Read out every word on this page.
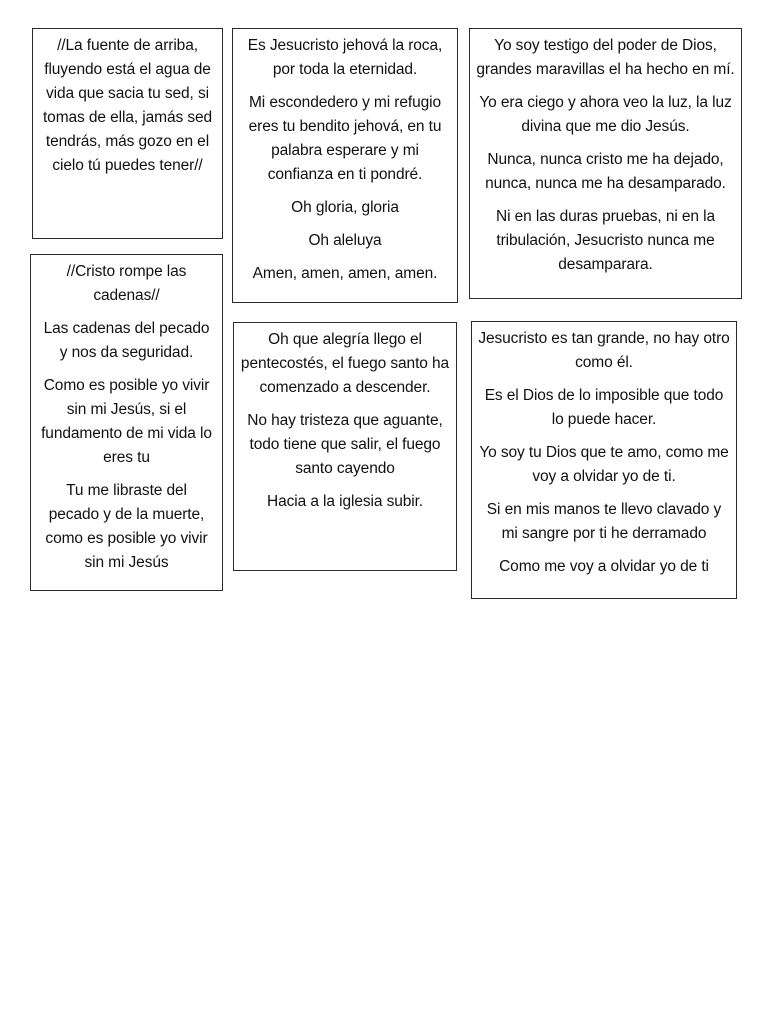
//La fuente de arriba, fluyendo está el agua de vida que sacia tu sed, si tomas de ella, jamás sed tendrás, más gozo en el cielo tú puedes tener//

Es Jesucristo jehová la roca, por toda la eternidad.

Mi escondedero y mi refugio eres tu bendito jehová, en tu palabra esperare y mi confianza en ti pondré.

Oh gloria, gloria

Oh aleluya

Amen, amen, amen, amen.

Yo soy testigo del poder de Dios, grandes maravillas el ha hecho en mí.

Yo era ciego y ahora veo la luz, la luz divina que me dio Jesús.

Nunca, nunca cristo me ha dejado, nunca, nunca me ha desamparado.

Ni en las duras pruebas, ni en la tribulación, Jesucristo nunca me desamparara.

//Cristo rompe las cadenas//

Las cadenas del pecado y nos da seguridad.

Como es posible yo vivir sin mi Jesús, si el fundamento de mi vida lo eres tu

Tu me libraste del pecado y de la muerte, como es posible yo vivir sin mi Jesús

Oh que alegría llego el pentecostés, el fuego santo ha comenzado a descender.

No hay tristeza que aguante, todo tiene que salir, el fuego santo cayendo

Hacia a la iglesia subir.

Jesucristo es tan grande, no hay otro como él.

Es el Dios de lo imposible que todo lo puede hacer.

Yo soy tu Dios que te amo, como me voy a olvidar yo de ti.

Si en mis manos te llevo clavado y mi sangre por ti he derramado

Como me voy a olvidar yo de ti
